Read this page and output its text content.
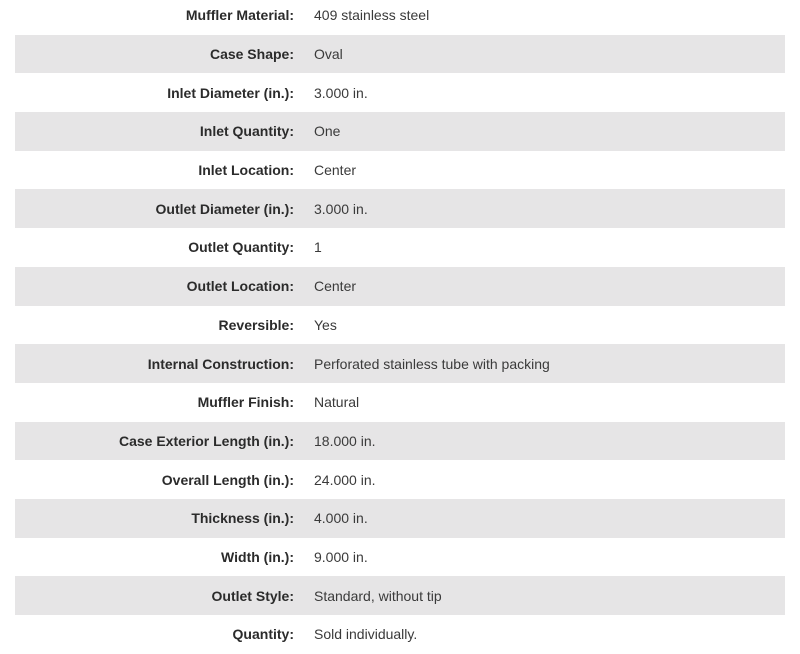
Muffler Material:	409 stainless steel
Case Shape:	Oval
Inlet Diameter (in.):	3.000 in.
Inlet Quantity:	One
Inlet Location:	Center
Outlet Diameter (in.):	3.000 in.
Outlet Quantity:	1
Outlet Location:	Center
Reversible:	Yes
Internal Construction:	Perforated stainless tube with packing
Muffler Finish:	Natural
Case Exterior Length (in.):	18.000 in.
Overall Length (in.):	24.000 in.
Thickness (in.):	4.000 in.
Width (in.):	9.000 in.
Outlet Style:	Standard, without tip
Quantity:	Sold individually.
